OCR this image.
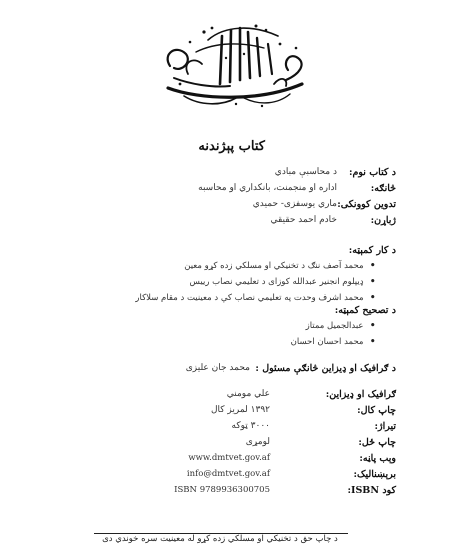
کتاب پېژندنه
د کتاب نوم:
د محاسبې مبادي
څانګه:
اداره او منجمنت، بانکداري او محاسبه
تدوین کوونکی:
ماري يوسفزی- حميدي
ژباړن:
خادم احمد حقيقي
د کار کمېټه:
•محمد آصف ننګ د تخنيکي او مسلکي زده کړو معين
•ډيپلوم انجنير عبدالله کوزای د تعليمي نصاب رييس
•محمد اشرف وحدت په تعليمي نصاب کې د معينيت د مقام سلاکار
د تصحيح کمېټه:
•عبدالجميل ممتاز
•محمد احسان احسان
د ګرافيک او ډيزاين څانګې مسئول :
محمد جان عليزی
ګرافيک او ډيزاين:
علي مومني
چاپ کال:
۱۳۹۲ لمريز کال
تيراژ:
۳۰۰۰ ټوکه
چاپ ځل:
لومړی
وېب پاڼه:
www.dmtvet.gov.af
برېښناليک:
info@dmtvet.gov.af
کود ISBN:
ISBN 9789936300705
د چاپ حق د تخنيکي او مسلکي زده کړو له معينيت سره خوندي دی
